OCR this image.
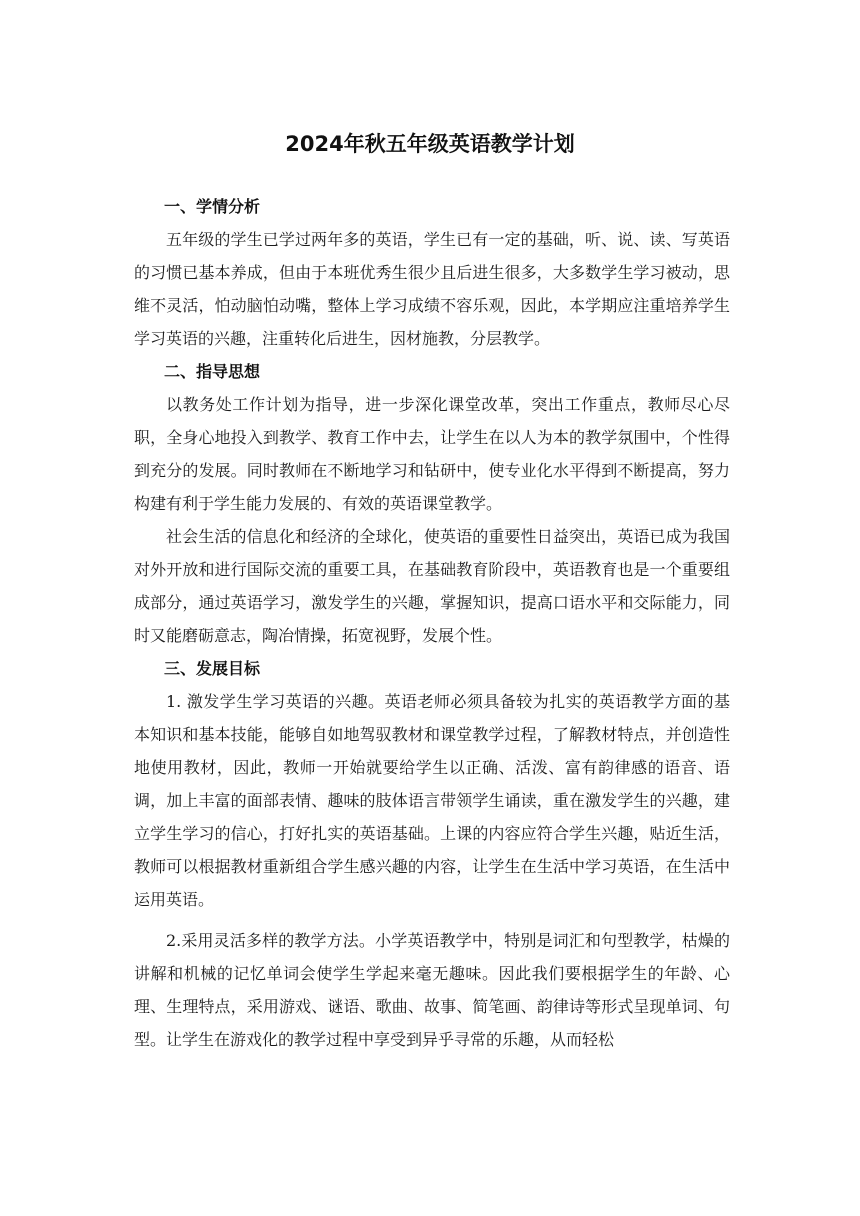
2024年秋五年级英语教学计划
一、学情分析

五年级的学生已学过两年多的英语，学生已有一定的基础，听、说、读、写英语的习惯已基本养成，但由于本班优秀生很少且后进生很多，大多数学生学习被动，思维不灵活，怕动脑怕动嘴，整体上学习成绩不容乐观，因此，本学期应注重培养学生学习英语的兴趣，注重转化后进生，因材施教，分层教学。

二、指导思想

以教务处工作计划为指导，进一步深化课堂改革，突出工作重点，教师尽心尽职，全身心地投入到教学、教育工作中去，让学生在以人为本的教学氛围中，个性得到充分的发展。同时教师在不断地学习和钻研中，使专业化水平得到不断提高，努力构建有利于学生能力发展的、有效的英语课堂教学。

社会生活的信息化和经济的全球化，使英语的重要性日益突出，英语已成为我国对外开放和进行国际交流的重要工具，在基础教育阶段中，英语教育也是一个重要组成部分，通过英语学习，激发学生的兴趣，掌握知识，提高口语水平和交际能力，同时又能磨砺意志，陶冶情操，拓宽视野，发展个性。

三、发展目标

1. 激发学生学习英语的兴趣。英语老师必须具备较为扎实的英语教学方面的基本知识和基本技能，能够自如地驾驭教材和课堂教学过程，了解教材特点，并创造性地使用教材，因此，教师一开始就要给学生以正确、活泼、富有韵律感的语音、语调，加上丰富的面部表情、趣味的肢体语言带领学生诵读，重在激发学生的兴趣，建立学生学习的信心，打好扎实的英语基础。上课的内容应符合学生兴趣，贴近生活，教师可以根据教材重新组合学生感兴趣的内容，让学生在生活中学习英语，在生活中运用英语。

2.采用灵活多样的教学方法。小学英语教学中，特别是词汇和句型教学，枯燥的讲解和机械的记忆单词会使学生学起来毫无趣味。因此我们要根据学生的年龄、心理、生理特点，采用游戏、谜语、歌曲、故事、简笔画、韵律诗等形式呈现单词、句型。让学生在游戏化的教学过程中享受到异乎寻常的乐趣，从而轻松
